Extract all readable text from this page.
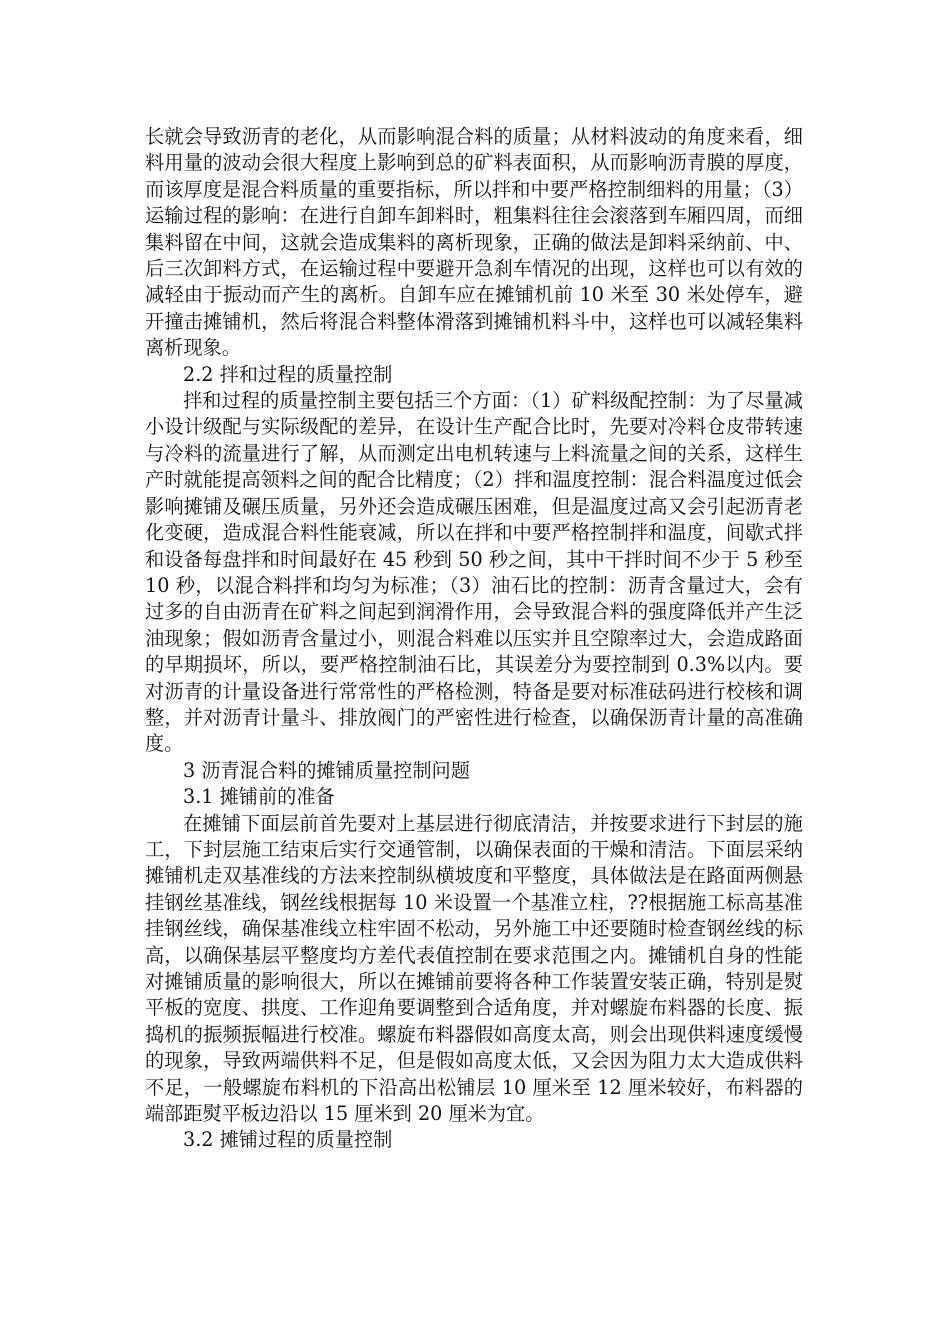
长就会导致沥青的老化，从而影响混合料的质量；从材料波动的角度来看，细料用量的波动会很大程度上影响到总的矿料表面积，从而影响沥青膜的厚度，而该厚度是混合料质量的重要指标，所以拌和中要严格控制细料的用量；（3）运输过程的影响：在进行自卸车卸料时，粗集料往往会滚落到车厢四周，而细集料留在中间，这就会造成集料的离析现象，正确的做法是卸料采纳前、中、后三次卸料方式，在运输过程中要避开急刹车情况的出现，这样也可以有效的减轻由于振动而产生的离析。自卸车应在摊铺机前 10 米至 30 米处停车，避开撞击摊铺机，然后将混合料整体滑落到摊铺机料斗中，这样也可以减轻集料离析现象。

2.2 拌和过程的质量控制

拌和过程的质量控制主要包括三个方面：（1）矿料级配控制：为了尽量减小设计级配与实际级配的差异，在设计生产配合比时，先要对冷料仓皮带转速与冷料的流量进行了解，从而测定出电机转速与上料流量之间的关系，这样生产时就能提高领料之间的配合比精度；（2）拌和温度控制：混合料温度过低会影响摊铺及碾压质量，另外还会造成碾压困难，但是温度过高又会引起沥青老化变硬，造成混合料性能衰减，所以在拌和中要严格控制拌和温度，间歇式拌和设备每盘拌和时间最好在 45 秒到 50 秒之间，其中干拌时间不少于 5 秒至 10 秒，以混合料拌和均匀为标准；（3）油石比的控制：沥青含量过大，会有过多的自由沥青在矿料之间起到润滑作用，会导致混合料的强度降低并产生泛油现象；假如沥青含量过小，则混合料难以压实并且空隙率过大，会造成路面的早期损坏，所以，要严格控制油石比，其误差分为要控制到 0.3%以内。要对沥青的计量设备进行常常性的严格检测，特备是要对标准砝码进行校核和调整，并对沥青计量斗、排放阀门的严密性进行检查，以确保沥青计量的高准确度。

3 沥青混合料的摊铺质量控制问题

3.1 摊铺前的准备

在摊铺下面层前首先要对上基层进行彻底清洁，并按要求进行下封层的施工，下封层施工结束后实行交通管制，以确保表面的干燥和清洁。下面层采纳摊铺机走双基准线的方法来控制纵横坡度和平整度，具体做法是在路面两侧悬挂钢丝基准线，钢丝线根据每 10 米设置一个基准立柱，??根据施工标高基准挂钢丝线，确保基准线立柱牢固不松动，另外施工中还要随时检查钢丝线的标高，以确保基层平整度均方差代表值控制在要求范围之内。摊铺机自身的性能对摊铺质量的影响很大，所以在摊铺前要将各种工作装置安装正确，特别是熨平板的宽度、拱度、工作迎角要调整到合适角度，并对螺旋布料器的长度、振捣机的振频振幅进行校准。螺旋布料器假如高度太高，则会出现供料速度缓慢的现象，导致两端供料不足，但是假如高度太低，又会因为阻力太大造成供料不足，一般螺旋布料机的下沿高出松铺层 10 厘米至 12 厘米较好，布料器的端部距熨平板边沿以 15 厘米到 20 厘米为宜。

3.2 摊铺过程的质量控制
